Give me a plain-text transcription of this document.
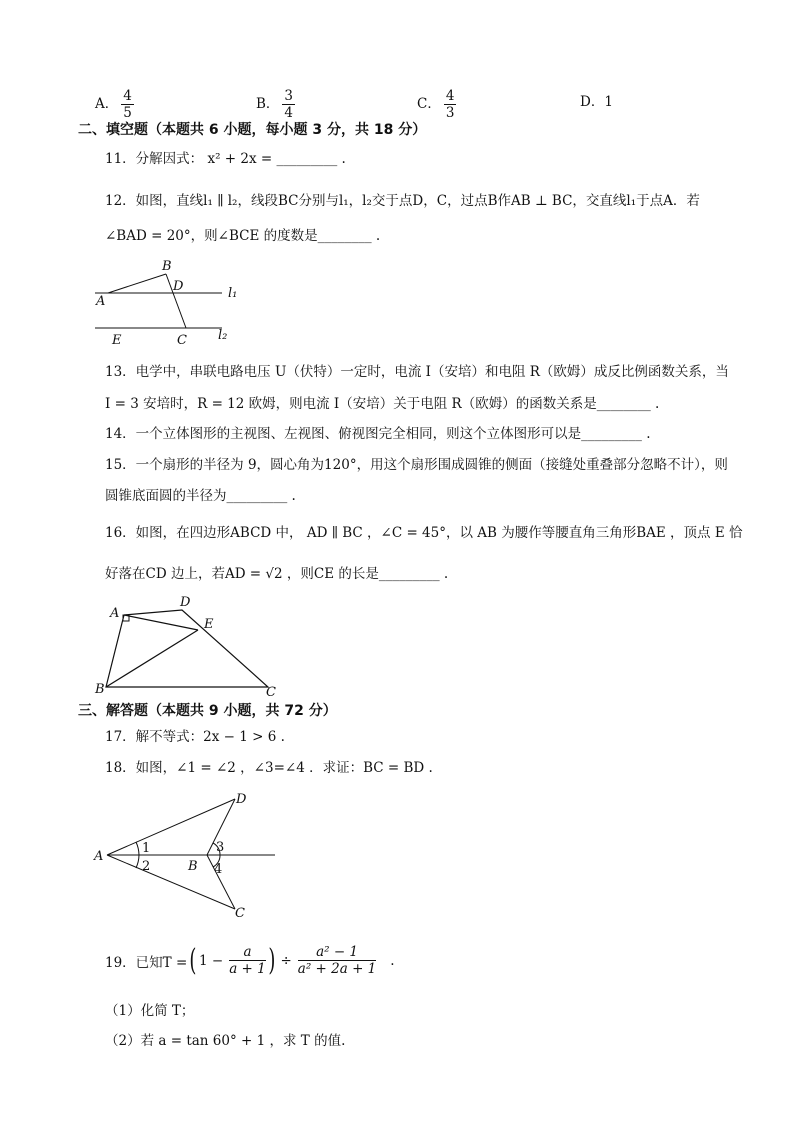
A． $\frac{4}{5}$	B． $\frac{3}{4}$	C． $\frac{4}{3}$	D．1
二、填空题（本题共 6 小题，每小题 3 分，共 18 分）
11．分解因式： x² + 2x = _________ .
12．如图，直线l₁ ∥ l₂，线段BC分别与l₁，l₂交于点D，C，过点B作AB ⊥ BC，交直线l₁于点A．若
∠BAD = 20°，则∠BCE 的度数是________ .
B
D
A
l₁
E	C l₂
13．电学中，串联电路电压 U（伏特）一定时，电流 I（安培）和电阻 R（欧姆）成反比例函数关系，当
I = 3 安培时，R = 12 欧姆，则电流 I（安培）关于电阻 R（欧姆）的函数关系是________ .
14．一个立体图形的主视图、左视图、俯视图完全相同，则这个立体图形可以是_________ .
15．一个扇形的半径为 9，圆心角为120°，用这个扇形围成圆锥的侧面（接缝处重叠部分忽略不计），则
圆锥底面圆的半径为_________ .
16．如图，在四边形ABCD 中， AD ∥ BC ，∠C = 45°，以 AB 为腰作等腰直角三角形BAE ，顶点 E 恰
好落在CD 边上，若AD = √2 ，则CE 的长是_________ .
A
D
E
B	C
三、解答题（本题共 9 小题，共 72 分）
17．解不等式：2x − 1 > 6 .
18．如图，∠1 = ∠2 ，∠3=∠4 ．求证：BC = BD .
D
A
B
C
1
2
3
4
19．已知T = ( $1 - \frac{a}{a + 1}$ ) ÷ $\frac{\text{a² − 1}}{\text{a² + 2a + 1}}$ .
（1）化简 T；
（2）若 a = tan 60° + 1 ，求 T 的值.
